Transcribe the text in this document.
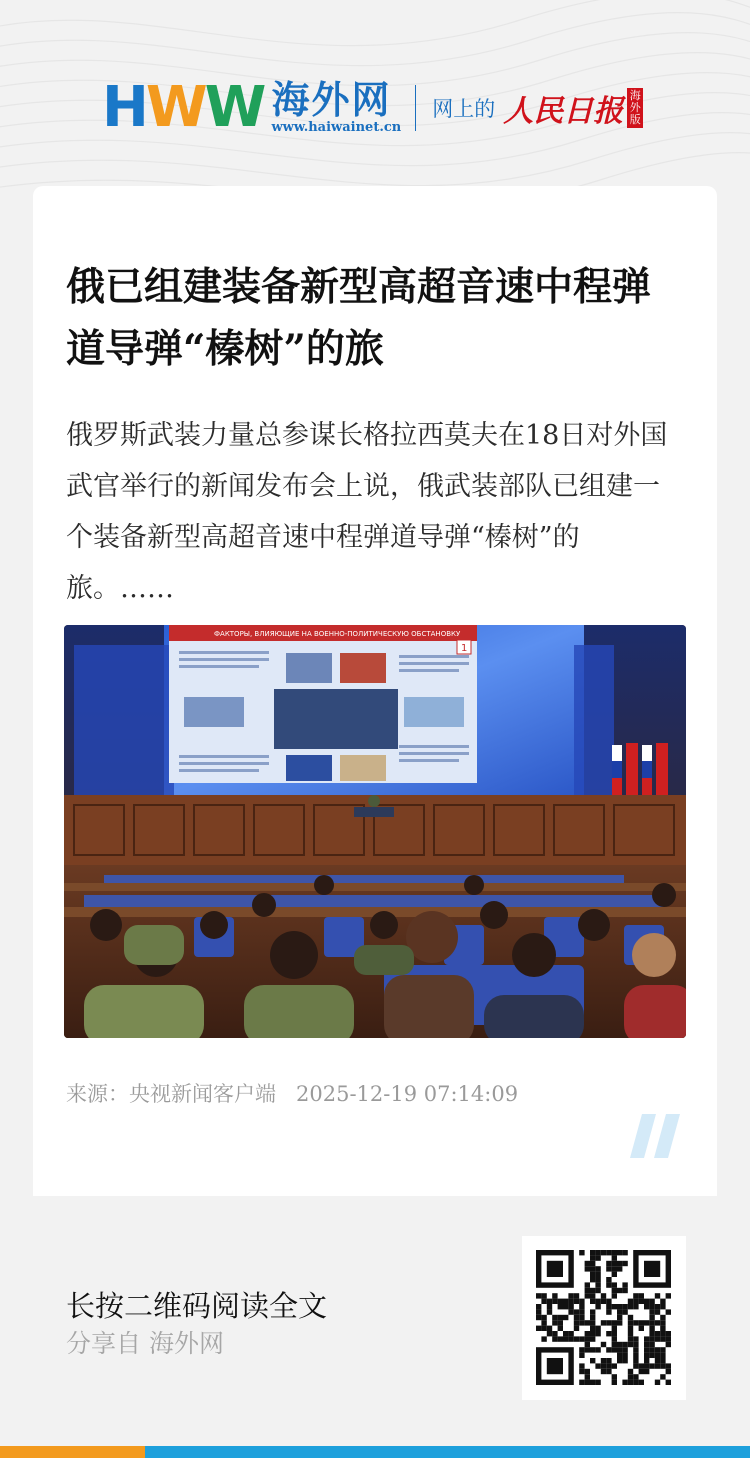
H W W 海外网
www.haiwainet.cn
网上的 人民日报 海外版
俄已组建装备新型高超音速中程弹道导弹“榛树”的旅
俄罗斯武装力量总参谋长格拉西莫夫在18日对外国武官举行的新闻发布会上说，俄武装部队已组建一个装备新型高超音速中程弹道导弹“榛树”的旅。……
ФАКТОРЫ, ВЛИЯЮЩИЕ НА ВОЕННО-ПОЛИТИЧЕСКУЮ ОБСТАНОВКУ
1
来源：央视新闻客户端 2025-12-19 07:14:09
长按二维码阅读全文
分享自 海外网
